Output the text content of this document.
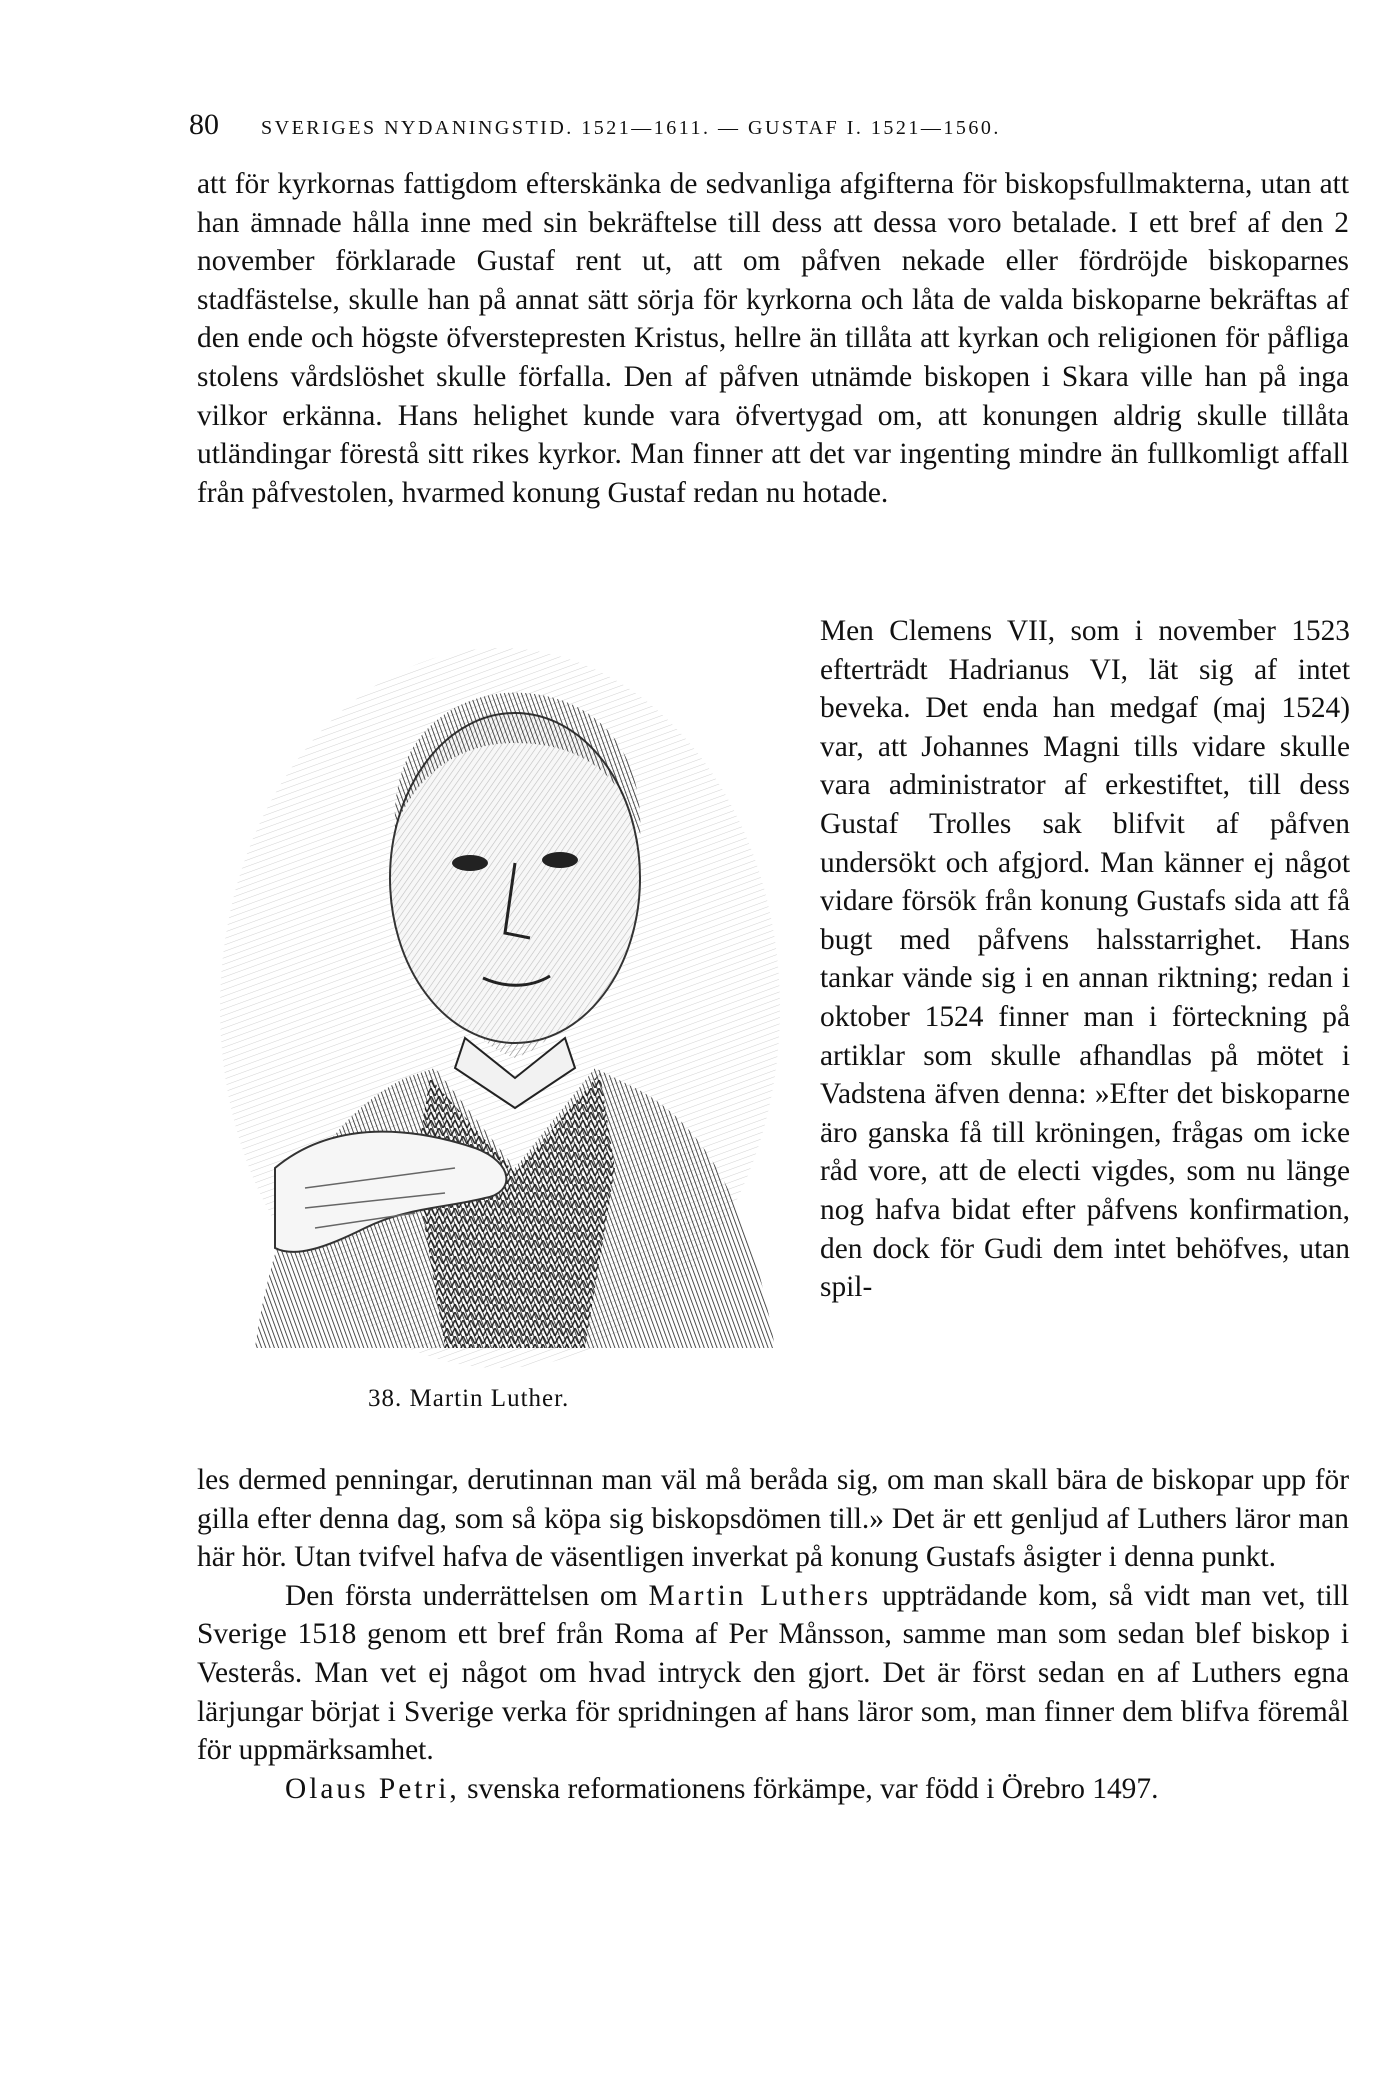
80 SVERIGES NYDANINGSTID. 1521—1611. — GUSTAF I. 1521—1560.

att för kyrkornas fattigdom efterskänka de sedvanliga afgifterna för biskopsfullmakterna, utan att han ämnade hålla inne med sin bekräftelse till dess att dessa voro betalade. I ett bref af den 2 november förklarade Gustaf rent ut, att om påfven nekade eller fördröjde biskoparnes stadfästelse, skulle han på annat sätt sörja för kyrkorna och låta de valda biskoparne bekräftas af den ende och högste öfverstepresten Kristus, hellre än tillåta att kyrkan och religionen för påfliga stolens vårdslöshet skulle förfalla. Den af påfven utnämde biskopen i Skara ville han på inga vilkor erkänna. Hans helighet kunde vara öfvertygad om, att konungen aldrig skulle tillåta utländingar förestå sitt rikes kyrkor. Man finner att det var ingenting mindre än fullkomligt affall från påfvestolen, hvarmed konung Gustaf redan nu hotade.

Men Clemens VII, som i november 1523 efterträdt Hadrianus VI, lät sig af intet beveka. Det enda han medgaf (maj 1524) var, att Johannes Magni tills vidare skulle vara administrator af erkestiftet, till dess Gustaf Trolles sak blifvit af påfven undersökt och afgjord. Man känner ej något vidare försök från konung Gustafs sida att få bugt med påfvens halsstarrighet. Hans tankar vände sig i en annan riktning; redan i oktober 1524 finner man i förteckning på artiklar som skulle afhandlas på mötet i Vadstena äfven denna: »Efter det biskoparne äro ganska få till kröningen, frågas om icke råd vore, att de electi vigdes, som nu länge nog hafva bidat efter påfvens konfirmation, den dock för Gudi dem intet behöfves, utan spil-

38. Martin Luther.

les dermed penningar, derutinnan man väl må beråda sig, om man skall bära de biskopar upp för gilla efter denna dag, som så köpa sig biskopsdömen till.» Det är ett genljud af Luthers läror man här hör. Utan tvifvel hafva de väsentligen inverkat på konung Gustafs åsigter i denna punkt.

Den första underrättelsen om Martin Luthers uppträdande kom, så vidt man vet, till Sverige 1518 genom ett bref från Roma af Per Månsson, samme man som sedan blef biskop i Vesterås. Man vet ej något om hvad intryck den gjort. Det är först sedan en af Luthers egna lärjungar börjat i Sverige verka för spridningen af hans läror som, man finner dem blifva föremål för uppmärksamhet.

Olaus Petri, svenska reformationens förkämpe, var född i Örebro 1497.
